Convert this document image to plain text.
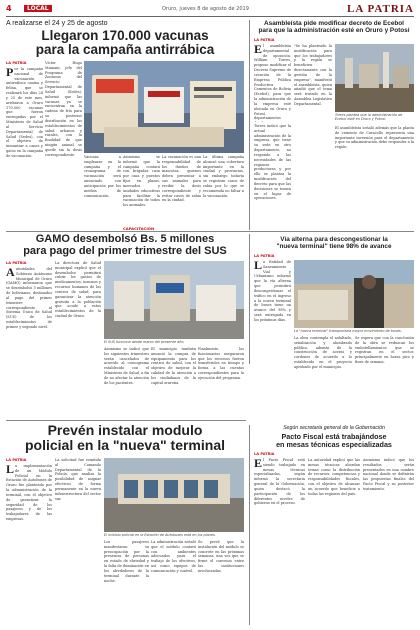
4	LOCAL	Oruro, jueves 8 de agosto de 2019	LA PATRIA
A realizarse el 24 y 25 de agosto
Llegaron 170.000 vacunas
para la campaña antirrábica
LA PATRIA
Por la campaña nacional de vacunación antirrábica canina y felina, que se realizará los días 24 y 25 de este mes, arribaron a Oruro 170.000 vacunas que fueron entregadas por el Ministerio de Salud al Servicio Departamental de Salud (Sedes), con el objetivo de inmunizar a canes y gatos en la campaña de vacunación.
Víctor Hugo Mamani, jefe del Programa de Zoonosis del Servicio Departamental de Salud (Sedes), informó que las vacunas ya se encuentran en la cadena de frío para su posterior distribución en los establecimientos de salud urbanos y rurales, con la finalidad de que ningún animal se quede sin la dosis correspondiente.
Vacunas a emplearse en la campaña y el cronograma de vacunación será anunciado con anticipación por los medios de comunicación.
Asimismo se informó que la campaña contará con brigadas casa por casa y puestos fijos en plazas, mercados y unidades educativas para facilitar la vacunación de todos los animales.
La vacunación es una responsabilidad de los dueños de mascotas, quienes deben presentar a sus animales para recibir la dosis correspondiente y evitar casos de rabia en la ciudad.
La última campaña alcanzó una cobertura importante en la ciudad y provincias, sin embargo todavía se registran casos de rabia por lo que se recomienda no faltar a la vacunación.
CAPACITACIÓN
Asambleísta pide modificar decreto de Ecebol
para que la administración esté en Oruro y Potosí
LA PATRIA
El asambleísta departamental de oposición, William Torres, propuso modificar el Decreto Supremo de creación de la Empresa Pública Productiva Cementos de Bolivia (Ecebol), para que la administración de la empresa esté ubicada en Oruro y Potosí, departamentos
Torres indicó que la actual administración de la empresa, que tiene su sede en otro departamento, no responde a las necesidades de las regiones productoras y por ello se plantea la modificación del decreto para que las decisiones se tomen en el lugar de operaciones.
"Se ha planteado la modificación para que los trabajadores y la región se beneficien directamente con la gestión de la empresa", manifestó el asambleísta, quien añadió que el tema será tratado en la Asamblea Legislativa Departamental.
Torres plantea que la administración de Ecebol esté en Oruro y Potosí.
El asambleísta señaló además que la planta de cemento de Caracollo representa una importante inversión para el departamento y que su administración debe responder a la región.
GAMO desembolsó Bs. 5 millones
para pago del primer trimestre del SUS
LA PATRIA
Autoridades del Gobierno Autónomo Municipal de Oruro (GAMO) informaron que se desembolsó 5 millones de bolivianos, destinados al pago del primer trimestre correspondiente al Sistema Único de Salud (SUS) de los establecimientos de primer y segundo nivel.
La directora de Salud municipal explicó que el desembolso permitirá cubrir los gastos de medicamentos, insumos y recursos humanos de los centros de salud, para garantizar la atención gratuita a la población que acude a estos establecimientos de la ciudad de Oruro.
El SUS funciona desde marzo del presente año.
Asimismo se indicó que los siguientes trimestres serán cancelados de acuerdo al cronograma establecido con el Ministerio de Salud, a fin de no afectar la atención de los pacientes.
El municipio también anunció la compra de equipamiento para los centros de salud, con el objetivo de mejorar la calidad de la atención a los ciudadanos de la capital orureña.
Finalmente, los funcionarios aseguraron que los recursos fueron transferidos en tiempo y forma a las cuentas correspondientes para la ejecución del programa.
Vía alterna para descongestionar la
"nueva terminal" tiene 98% de avance
LA PATRIA
La Entidad de Saneamiento Vial y Urbanismo informó que la vía alterna que permitirá descongestionar el tráfico en el ingreso a la nueva terminal de buses tiene un avance del 98% y será entregada en los próximos días.
La "nueva terminal" transportaría mayor movimiento de buses.
La obra contempla el asfaltado, señalización y alumbrado público, además de la construcción de aceras y cordones de acuerdo a lo establecido en el proyecto aprobado por el municipio.
Se espera que con la conclusión de la obra se reduzcan los embotellamientos que se registran en el sector, principalmente en horas pico y fines de semana.
Prevén instalar modulo
policial en la "nueva" terminal
LA PATRIA
La implementación de un Módulo Policial en la Estación de Autobuses de Oruro fue planteada por la administración de la terminal, con el objetivo de garantizar la seguridad de los pasajeros y de los trabajadores de las empresas.
La solicitud fue remitida al Comando Departamental de la Policía, que analiza la posibilidad de asignar efectivos de forma permanente en la nueva infraestructura del sector sur.
El módulo policial en la Estación de Autobuses está en los planes.
Los pasajeros manifestaron su preocupación por la presencia de personas en estado de ebriedad y la falta de iluminación en los alrededores de la terminal durante la noche.
La administración señaló que el módulo contará con ambientes adecuados para el trabajo de los efectivos, así como equipos de comunicación y control.
Se prevé que la instalación del módulo se concrete en las próximas semanas, una vez que se firme el convenio entre las instituciones involucradas.
Según secretaria general de la Gobernación
Pacto Fiscal está trabajándose
en mesas técnicas especializadas
LA PATRIA
El Pacto Fiscal está siendo trabajado en mesas técnicas especializadas, según informó la secretaria general de la Gobernación, quien destacó la participación de los diferentes niveles de gobierno en el proceso.
La autoridad explicó que las mesas técnicas abordan temas como la distribución de recursos, competencias y responsabilidades fiscales, con el objetivo de alcanzar un acuerdo que beneficie a todas las regiones del país.
Asimismo indicó que los resultados serán presentados en una cumbre nacional donde se definirán las propuestas finales del Pacto Fiscal y su posterior tratamiento.
